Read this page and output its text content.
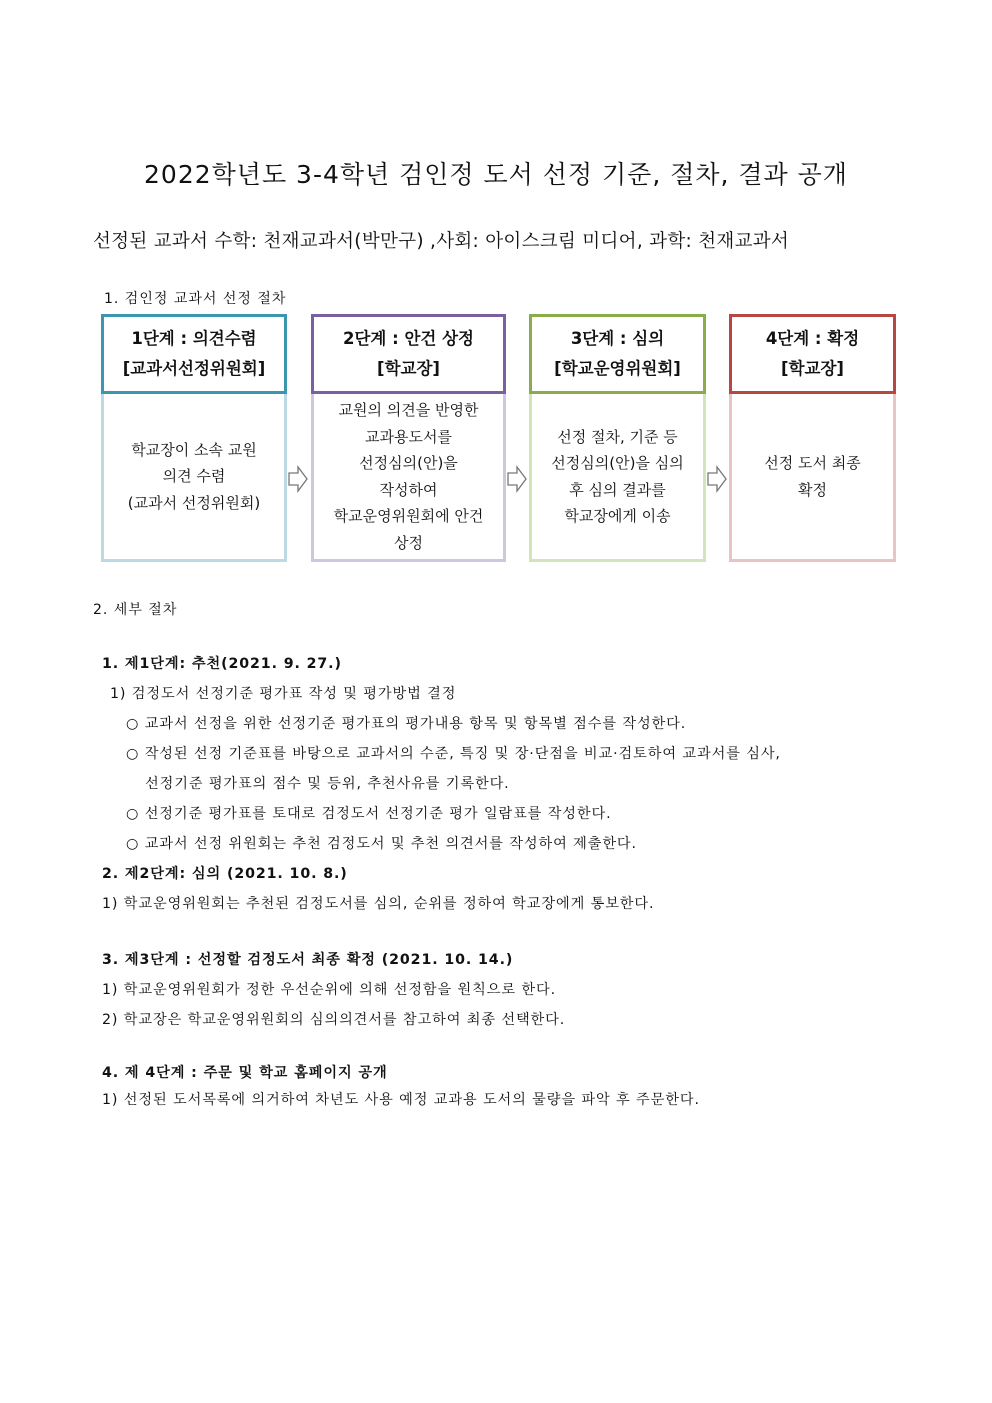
2022학년도 3-4학년 검인정 도서 선정 기준, 절차, 결과 공개
선정된 교과서 수학: 천재교과서(박만구) ,사회: 아이스크림 미디어, 과학: 천재교과서
1. 검인정 교과서 선정 절차
1단계 : 의견수렴
[교과서선정위원회]
학교장이 소속 교원
의견 수렴
(교과서 선정위원회)
2단계 : 안건 상정
[학교장]
교원의 의견을 반영한
교과용도서를
선정심의(안)을
작성하여
학교운영위원회에 안건
상정
3단계 : 심의
[학교운영위원회]
선정 절차, 기준 등
선정심의(안)을 심의
후 심의 결과를
학교장에게 이송
4단계 : 확정
[학교장]
선정 도서 최종
확정
2. 세부 절차
1. 제1단계: 추천(2021. 9. 27.)
1) 검정도서 선정기준 평가표 작성 및 평가방법 결정
○ 교과서 선정을 위한 선정기준 평가표의 평가내용 항목 및 항목별 점수를 작성한다.
○ 작성된 선정 기준표를 바탕으로 교과서의 수준, 특징 및 장·단점을 비교·검토하여 교과서를 심사,
선정기준 평가표의 점수 및 등위, 추천사유를 기록한다.
○ 선정기준 평가표를 토대로 검정도서 선정기준 평가 일람표를 작성한다.
○ 교과서 선정 위원회는 추천 검정도서 및 추천 의견서를 작성하여 제출한다.
2. 제2단계: 심의 (2021. 10. 8.)
1) 학교운영위원회는 추천된 검정도서를 심의, 순위를 정하여 학교장에게 통보한다.
3. 제3단계 : 선정할 검정도서 최종 확정 (2021. 10. 14.)
1) 학교운영위원회가 정한 우선순위에 의해 선정함을 원칙으로 한다.
2) 학교장은 학교운영위원회의 심의의견서를 참고하여 최종 선택한다.
4. 제 4단계 : 주문 및 학교 홈페이지 공개
1) 선정된 도서목록에 의거하여 차년도 사용 예정 교과용 도서의 물량을 파악 후 주문한다.
